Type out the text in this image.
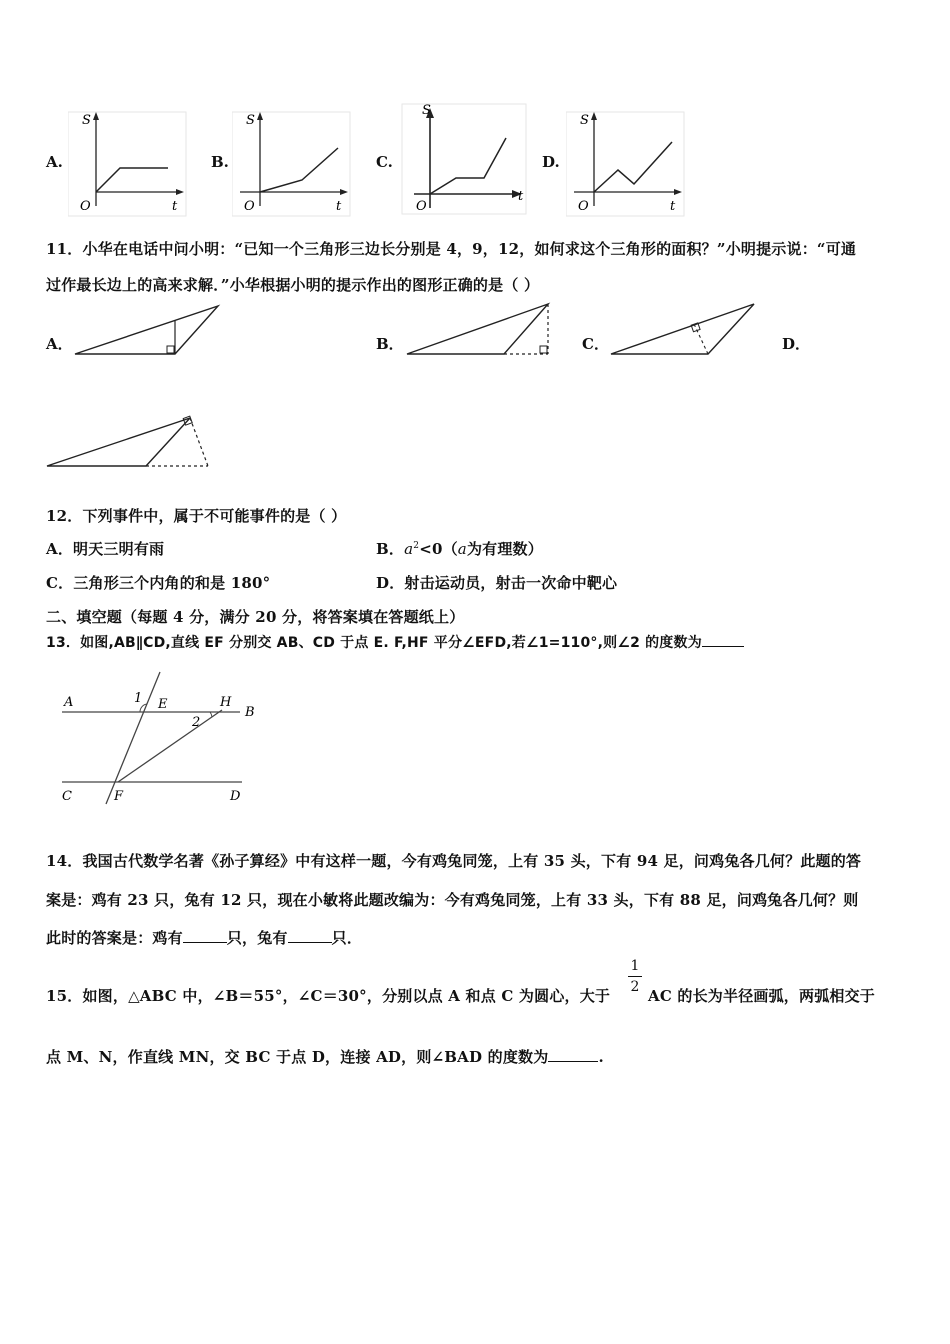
A.
S
O	t
B.
S
O	t
C.
S
O
t
D.
S
O	t
11．小华在电话中问小明：“已知一个三角形三边长分别是 4，9，12，如何求这个三角形的面积？”小明提示说：“可通
过作最长边上的高来求解．”小华根据小明的提示作出的图形正确的是（ ）
A．	B．	C．	D．
12．下列事件中，属于不可能事件的是（ ）
A．明天三明有雨	B．$a^2<0(a$为有理数）
C．三角形三个内角的和是 180°	D．射击运动员，射击一次命中靶心
二、填空题（每题 4 分，满分 20 分，将答案填在答题纸上）
13．如图,AB∥CD,直线 EF 分别交 AB、CD 于点 E. F,HF 平分∠EFD,若∠1=110°,则∠2 的度数为
A
B
C	D
E
F
H
1
2
14．我国古代数学名著《孙子算经》中有这样一题，今有鸡兔同笼，上有 35 头，下有 94 足，问鸡兔各几何？此题的答
案是：鸡有 23 只，兔有 12 只，现在小敏将此题改编为：今有鸡兔同笼，上有 33 头，下有 88 足，问鸡兔各几何？则
此时的答案是：鸡有	只，兔有	只．
1
2
15．如图，△ABC 中，∠B＝55°，∠C＝30°，分别以点 A 和点 C 为圆心，大于	AC 的长为半径画弧，两弧相交于
点 M、N，作直线 MN，交 BC 于点 D，连接 AD，则∠BAD 的度数为	.
